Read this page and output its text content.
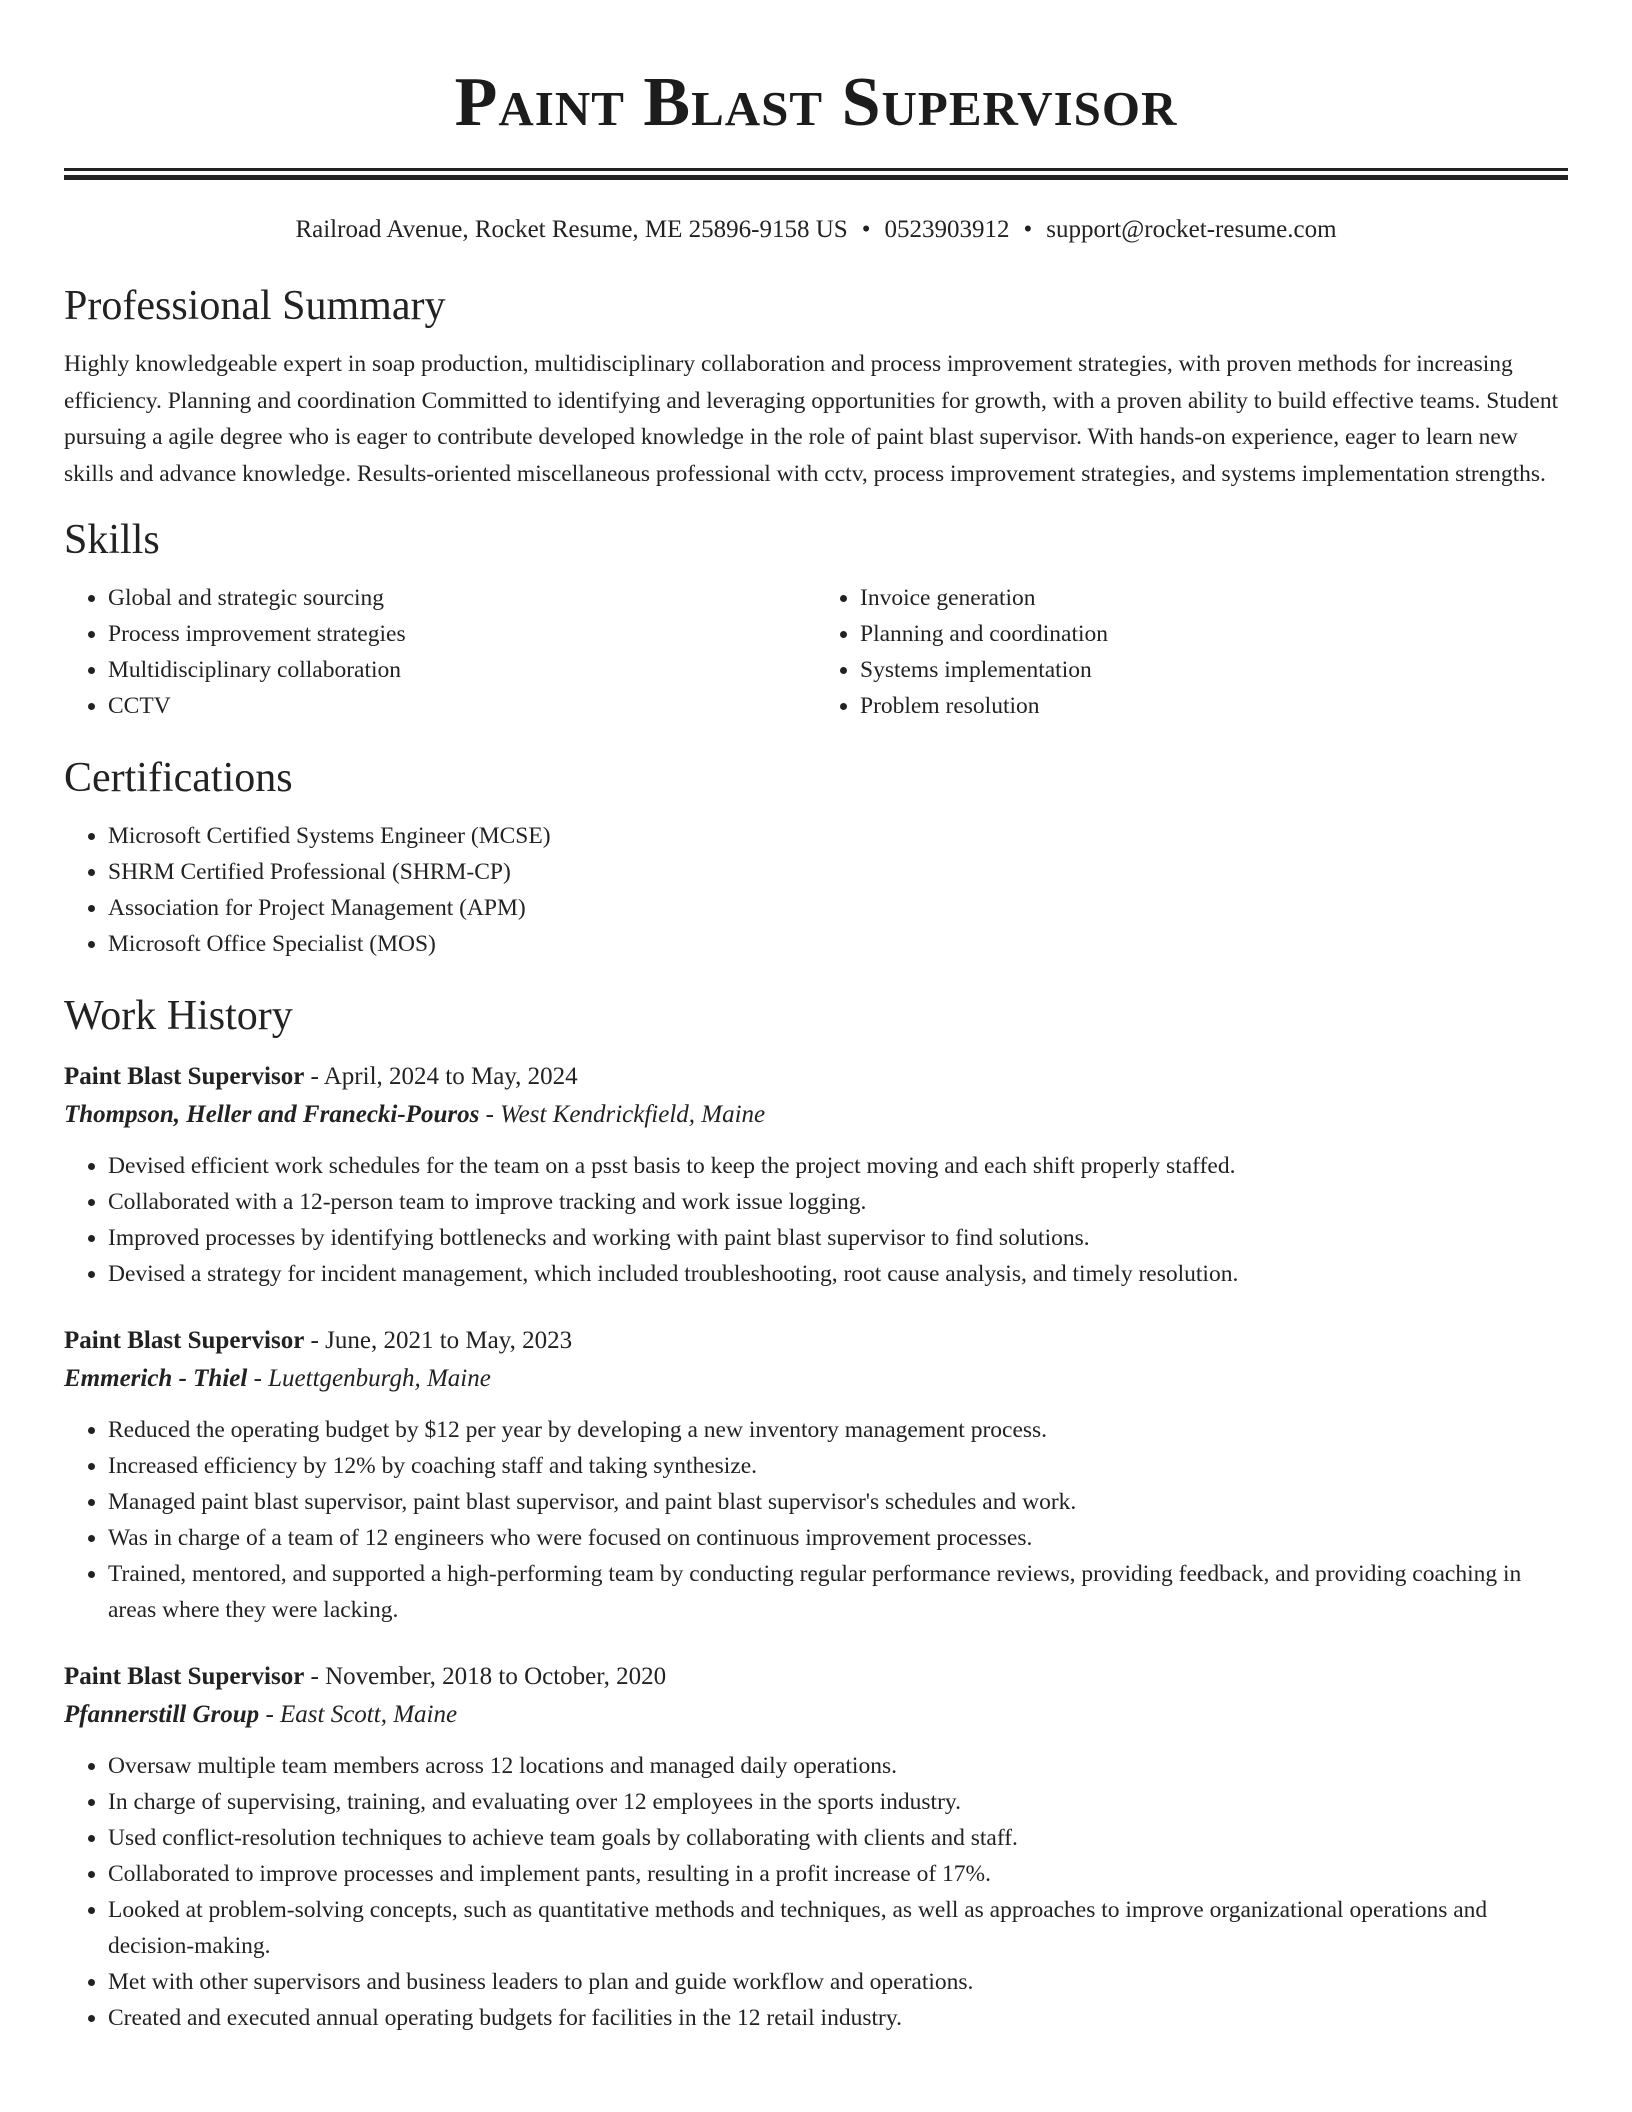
Paint Blast Supervisor
Railroad Avenue, Rocket Resume, ME 25896-9158 US • 0523903912 • support@rocket-resume.com
Professional Summary

Highly knowledgeable expert in soap production, multidisciplinary collaboration and process improvement strategies, with proven methods for increasing efficiency. Planning and coordination Committed to identifying and leveraging opportunities for growth, with a proven ability to build effective teams. Student pursuing a agile degree who is eager to contribute developed knowledge in the role of paint blast supervisor. With hands-on experience, eager to learn new skills and advance knowledge. Results-oriented miscellaneous professional with cctv, process improvement strategies, and systems implementation strengths.

Skills
• Global and strategic sourcing
• Process improvement strategies
• Multidisciplinary collaboration
• CCTV
• Invoice generation
• Planning and coordination
• Systems implementation
• Problem resolution
Certifications
• Microsoft Certified Systems Engineer (MCSE)
• SHRM Certified Professional (SHRM-CP)
• Association for Project Management (APM)
• Microsoft Office Specialist (MOS)
Work History
Paint Blast Supervisor - April, 2024 to May, 2024
Thompson, Heller and Franecki-Pouros - West Kendrickfield, Maine
• Devised efficient work schedules for the team on a psst basis to keep the project moving and each shift properly staffed.
• Collaborated with a 12-person team to improve tracking and work issue logging.
• Improved processes by identifying bottlenecks and working with paint blast supervisor to find solutions.
• Devised a strategy for incident management, which included troubleshooting, root cause analysis, and timely resolution.
Paint Blast Supervisor - June, 2021 to May, 2023
Emmerich - Thiel - Luettgenburgh, Maine
• Reduced the operating budget by $12 per year by developing a new inventory management process.
• Increased efficiency by 12% by coaching staff and taking synthesize.
• Managed paint blast supervisor, paint blast supervisor, and paint blast supervisor's schedules and work.
• Was in charge of a team of 12 engineers who were focused on continuous improvement processes.
• Trained, mentored, and supported a high-performing team by conducting regular performance reviews, providing feedback, and providing coaching in areas where they were lacking.
Paint Blast Supervisor - November, 2018 to October, 2020
Pfannerstill Group - East Scott, Maine
• Oversaw multiple team members across 12 locations and managed daily operations.
• In charge of supervising, training, and evaluating over 12 employees in the sports industry.
• Used conflict-resolution techniques to achieve team goals by collaborating with clients and staff.
• Collaborated to improve processes and implement pants, resulting in a profit increase of 17%.
• Looked at problem-solving concepts, such as quantitative methods and techniques, as well as approaches to improve organizational operations and decision-making.
• Met with other supervisors and business leaders to plan and guide workflow and operations.
• Created and executed annual operating budgets for facilities in the 12 retail industry.
